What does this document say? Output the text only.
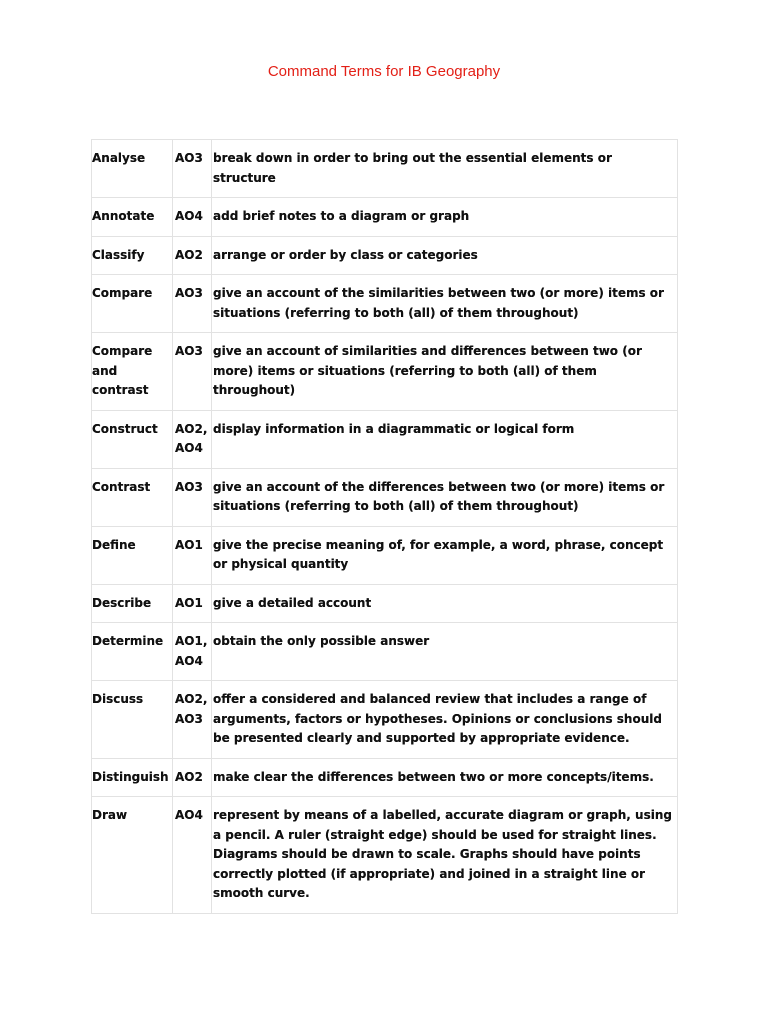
Command Terms for IB Geography
Analyse	AO3	break down in order to bring out the essential elements or structure
Annotate	AO4	add brief notes to a diagram or graph
Classify	AO2	arrange or order by class or categories
Compare	AO3	give an account of the similarities between two (or more) items or situations (referring to both (all) of them throughout)
Compare and contrast	AO3	give an account of similarities and differences between two (or more) items or situations (referring to both (all) of them throughout)
Construct	AO2, AO4	display information in a diagrammatic or logical form
Contrast	AO3	give an account of the differences between two (or more) items or situations (referring to both (all) of them throughout)
Define	AO1	give the precise meaning of, for example, a word, phrase, concept or physical quantity
Describe	AO1	give a detailed account
Determine	AO1, AO4	obtain the only possible answer
Discuss	AO2, AO3	offer a considered and balanced review that includes a range of arguments, factors or hypotheses. Opinions or conclusions should be presented clearly and supported by appropriate evidence.
Distinguish	AO2	make clear the differences between two or more concepts/items.
Draw	AO4	represent by means of a labelled, accurate diagram or graph, using a pencil. A ruler (straight edge) should be used for straight lines. Diagrams should be drawn to scale. Graphs should have points correctly plotted (if appropriate) and joined in a straight line or smooth curve.
